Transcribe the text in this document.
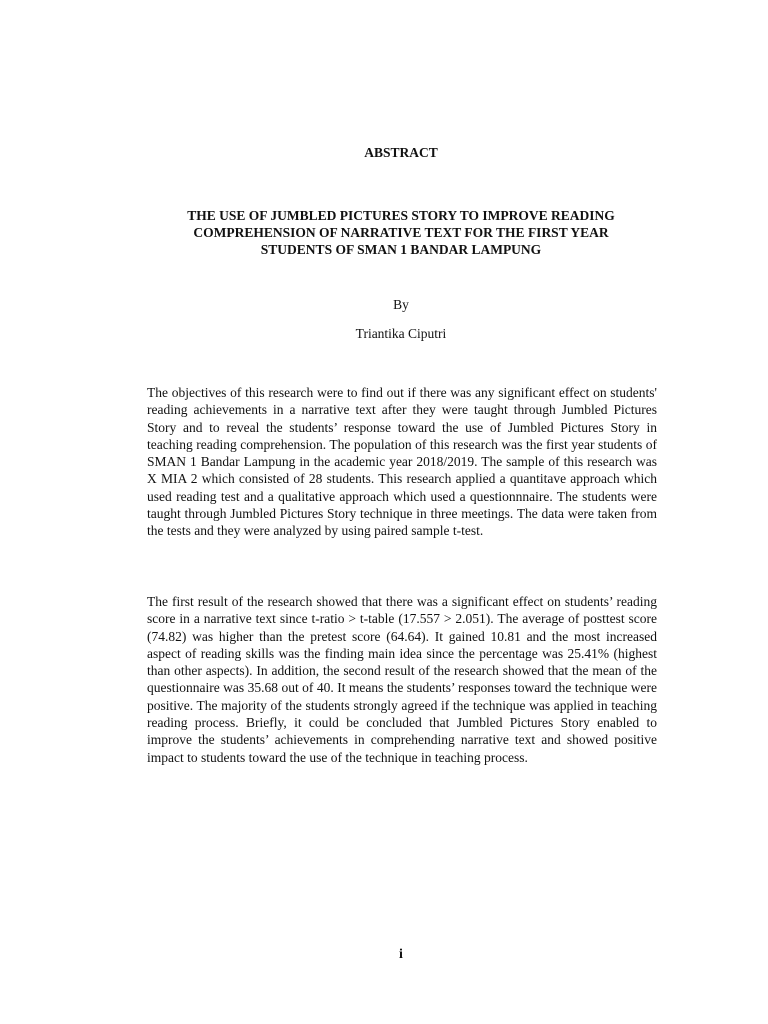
ABSTRACT
THE USE OF JUMBLED PICTURES STORY TO IMPROVE READING
COMPREHENSION OF NARRATIVE TEXT FOR THE FIRST YEAR
STUDENTS OF SMAN 1 BANDAR LAMPUNG
By
Triantika Ciputri

The objectives of this research were to find out if there was any significant effect on students' reading achievements in a narrative text after they were taught through Jumbled Pictures Story and to reveal the students’ response toward the use of Jumbled Pictures Story in teaching reading comprehension. The population of this research was the first year students of SMAN 1 Bandar Lampung in the academic year 2018/2019. The sample of this research was X MIA 2 which consisted of 28 students. This research applied a quantitave approach which used reading test and a qualitative approach which used a questionnnaire. The students were taught through Jumbled Pictures Story technique in three meetings. The data were taken from the tests and they were analyzed by using paired sample t-test.

The first result of the research showed that there was a significant effect on students’ reading score in a narrative text since t-ratio > t-table (17.557 > 2.051). The average of posttest score (74.82) was higher than the pretest score (64.64). It gained 10.81 and the most increased aspect of reading skills was the finding main idea since the percentage was 25.41% (highest than other aspects). In addition, the second result of the research showed that the mean of the questionnaire was 35.68 out of 40. It means the students’ responses toward the technique were positive. The majority of the students strongly agreed if the technique was applied in teaching reading process. Briefly, it could be concluded that Jumbled Pictures Story enabled to improve the students’ achievements in comprehending narrative text and showed positive impact to students toward the use of the technique in teaching process.

i
